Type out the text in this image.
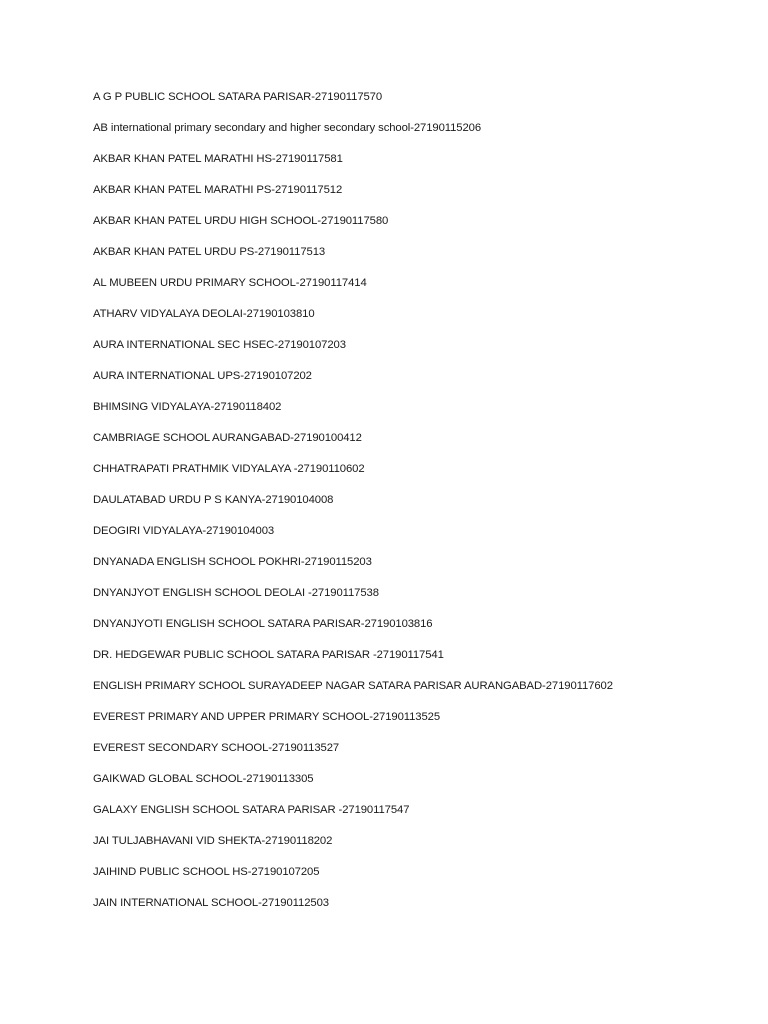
A G P PUBLIC SCHOOL SATARA PARISAR-27190117570
AB international primary secondary and higher secondary school-27190115206
AKBAR KHAN PATEL MARATHI HS-27190117581
AKBAR KHAN PATEL MARATHI PS-27190117512
AKBAR KHAN PATEL URDU HIGH SCHOOL-27190117580
AKBAR KHAN PATEL URDU PS-27190117513
AL MUBEEN URDU PRIMARY SCHOOL-27190117414
ATHARV VIDYALAYA DEOLAI-27190103810
AURA INTERNATIONAL SEC HSEC-27190107203
AURA INTERNATIONAL UPS-27190107202
BHIMSING VIDYALAYA-27190118402
CAMBRIAGE SCHOOL AURANGABAD-27190100412
CHHATRAPATI PRATHMIK VIDYALAYA -27190110602
DAULATABAD URDU P S KANYA-27190104008
DEOGIRI VIDYALAYA-27190104003
DNYANADA ENGLISH SCHOOL POKHRI-27190115203
DNYANJYOT ENGLISH SCHOOL DEOLAI -27190117538
DNYANJYOTI ENGLISH SCHOOL SATARA PARISAR-27190103816
DR. HEDGEWAR PUBLIC SCHOOL SATARA PARISAR -27190117541
ENGLISH PRIMARY SCHOOL SURAYADEEP NAGAR SATARA PARISAR AURANGABAD-27190117602
EVEREST PRIMARY AND UPPER PRIMARY SCHOOL-27190113525
EVEREST SECONDARY SCHOOL-27190113527
GAIKWAD GLOBAL SCHOOL-27190113305
GALAXY ENGLISH SCHOOL SATARA PARISAR -27190117547
JAI TULJABHAVANI VID SHEKTA-27190118202
JAIHIND PUBLIC SCHOOL HS-27190107205
JAIN INTERNATIONAL SCHOOL-27190112503
